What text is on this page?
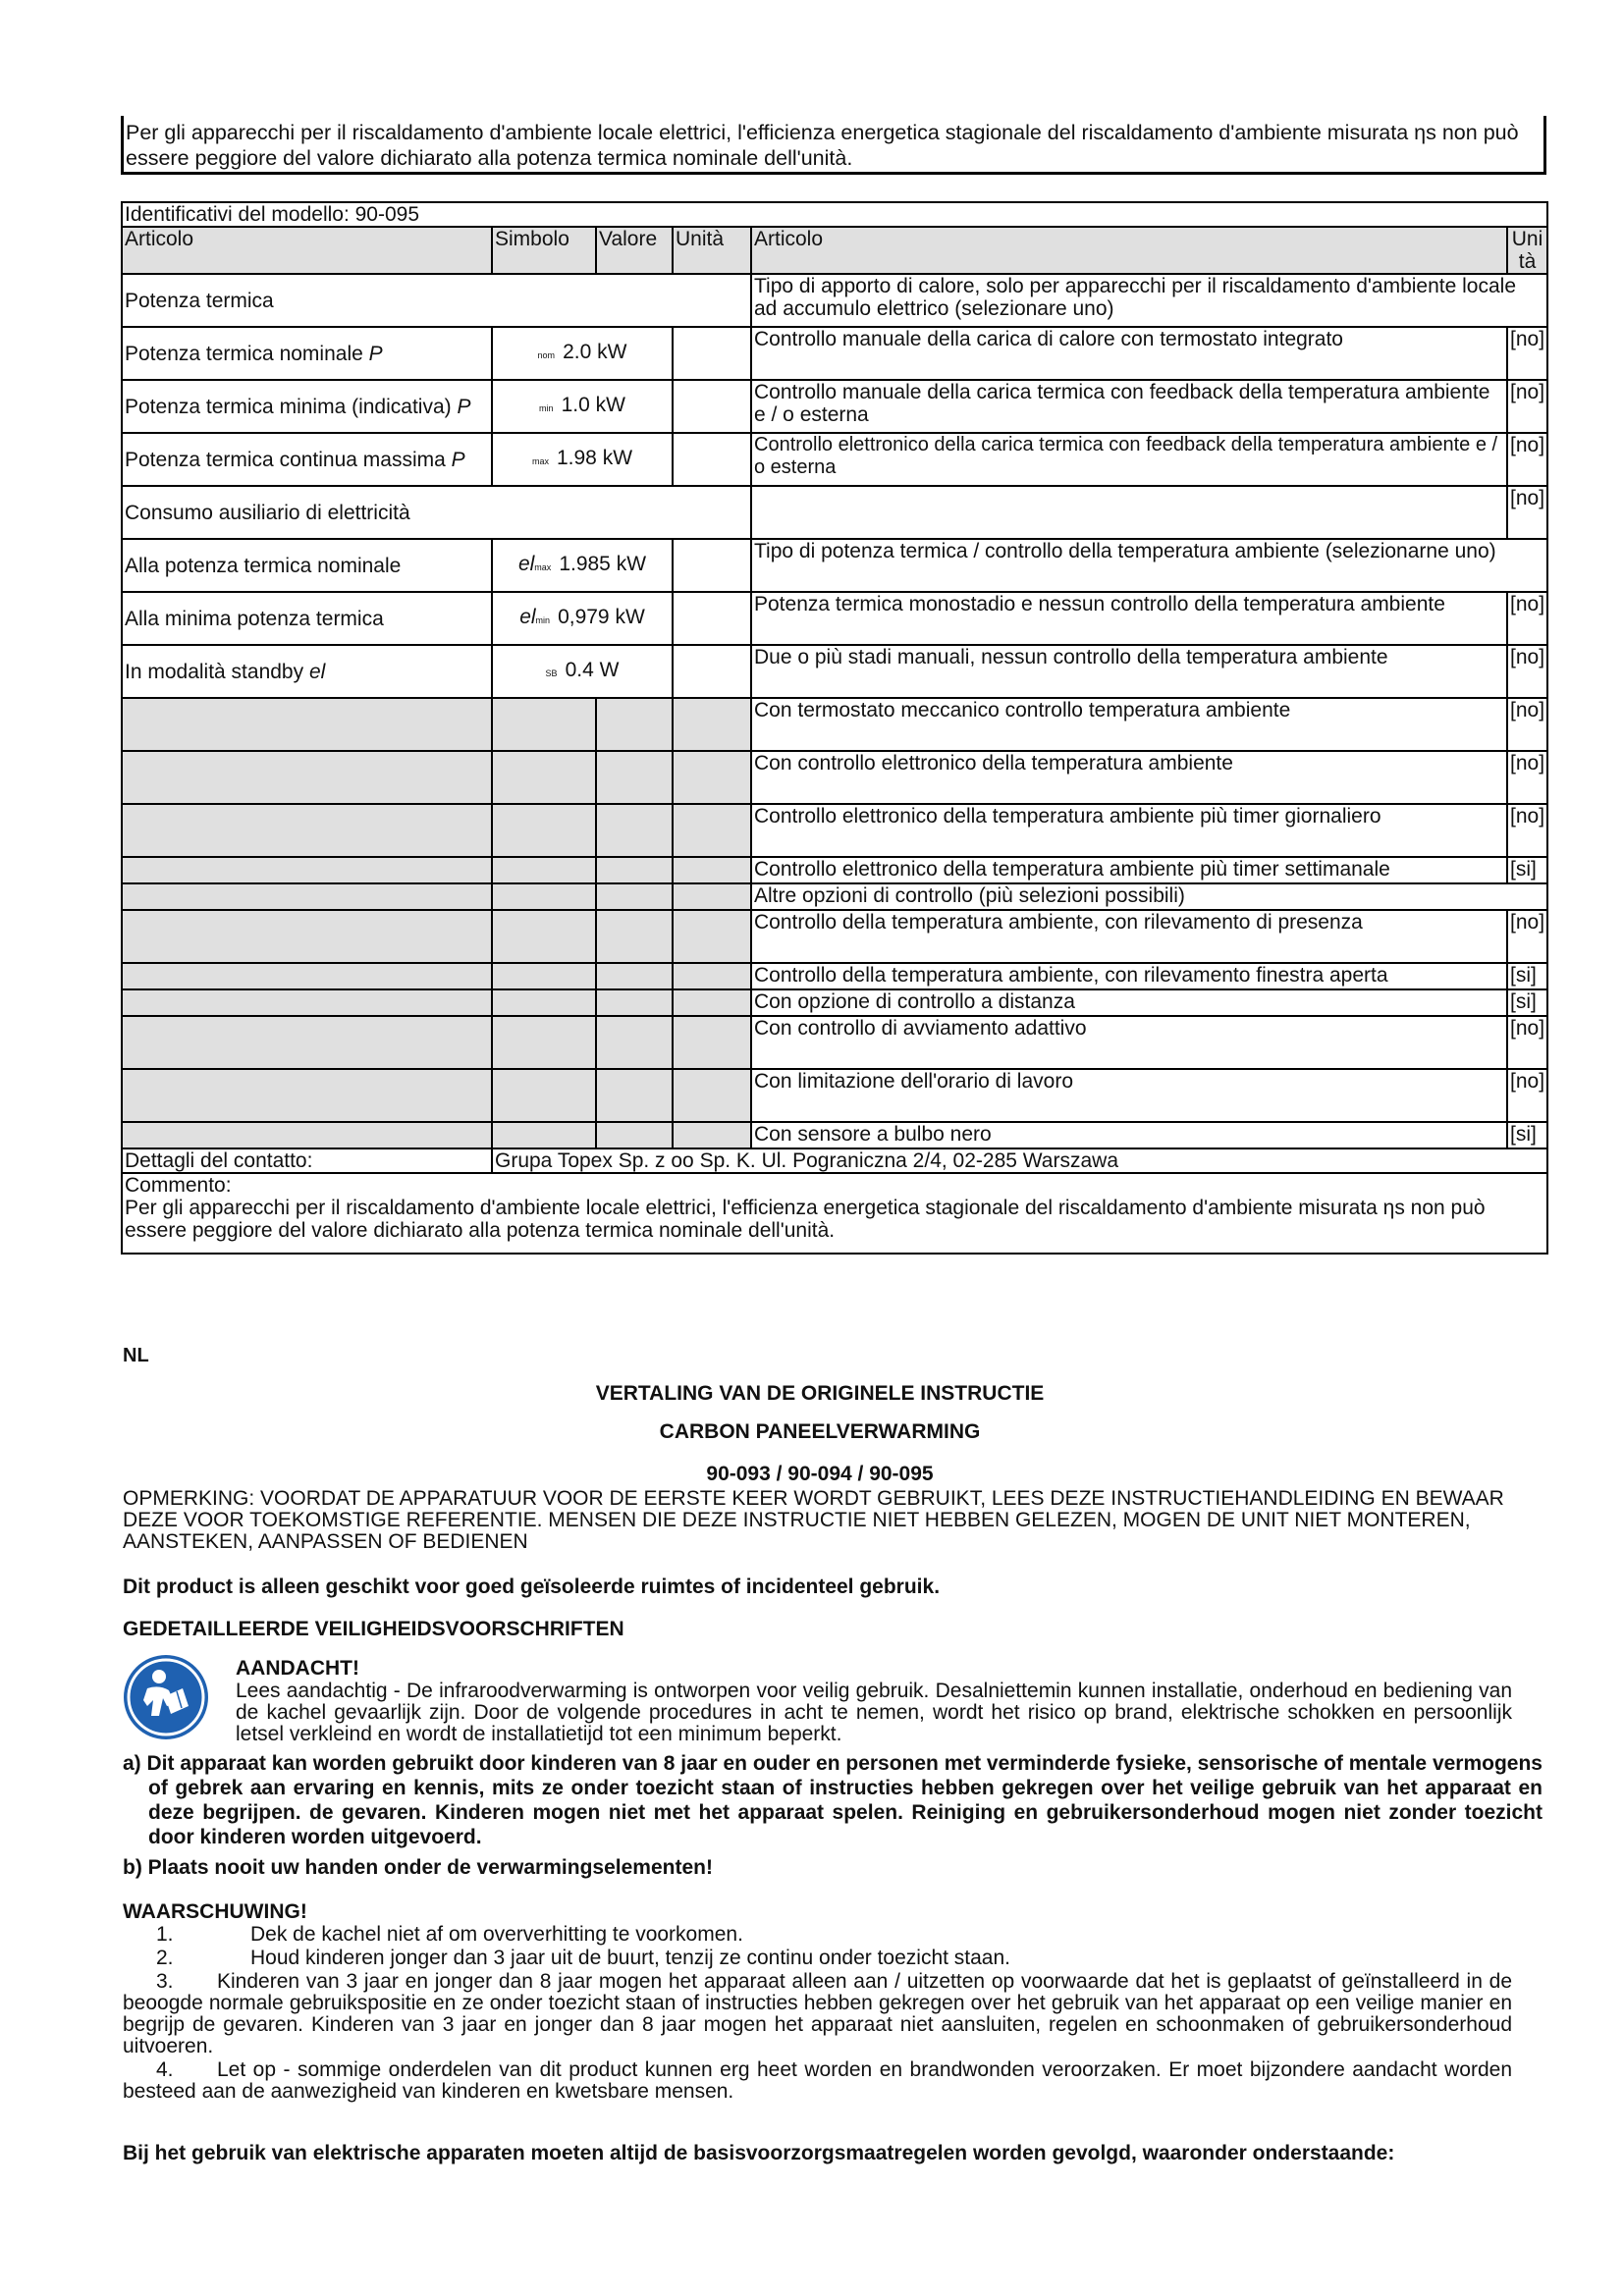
Per gli apparecchi per il riscaldamento d'ambiente locale elettrici, l'efficienza energetica stagionale del riscaldamento d'ambiente misurata ηs non può essere peggiore del valore dichiarato alla potenza termica nominale dell'unità.
Identificativi del modello: 90-095					
Articolo	Simbolo	Valore	Unità	Articolo	Unità
Potenza termica				Tipo di apporto di calore, solo per apparecchi per il riscaldamento d'ambiente locale ad accumulo elettrico (selezionare uno)	
Potenza termica nominale P	nom 2.0 kW			Controllo manuale della carica di calore con termostato integrato	[no]
Potenza termica minima (indicativa) P	min 1.0 kW			Controllo manuale della carica termica con feedback della temperatura ambiente e / o esterna	[no]
Potenza termica continua massima P	max 1.98 kW			Controllo elettronico della carica termica con feedback della temperatura ambiente e / o esterna	[no]
Consumo ausiliario di elettricità					[no]
Alla potenza termica nominale	elmax 1.985 kW			Tipo di potenza termica / controllo della temperatura ambiente (selezionarne uno)	
Alla minima potenza termica	elmin 0,979 kW			Potenza termica monostadio e nessun controllo della temperatura ambiente	[no]
In modalità standby el	SB 0.4 W			Due o più stadi manuali, nessun controllo della temperatura ambiente	[no]
				Con termostato meccanico controllo temperatura ambiente	[no]
				Con controllo elettronico della temperatura ambiente	[no]
				Controllo elettronico della temperatura ambiente più timer giornaliero	[no]
				Controllo elettronico della temperatura ambiente più timer settimanale	[si]
				Altre opzioni di controllo (più selezioni possibili)	
				Controllo della temperatura ambiente, con rilevamento di presenza	[no]
				Controllo della temperatura ambiente, con rilevamento finestra aperta	[si]
				Con opzione di controllo a distanza	[si]
				Con controllo di avviamento adattivo	[no]
				Con limitazione dell'orario di lavoro	[no]
				Con sensore a bulbo nero	[si]
Dettagli del contatto:	Grupa Topex Sp. z oo Sp. K. Ul. Pograniczna 2/4, 02-285 Warszawa				

Commento:
Per gli apparecchi per il riscaldamento d'ambiente locale elettrici, l'efficienza energetica stagionale del riscaldamento d'ambiente misurata ηs non può essere peggiore del valore dichiarato alla potenza termica nominale dell'unità.					
NL
VERTALING VAN DE ORIGINELE INSTRUCTIE
CARBON PANEELVERWARMING
90-093 / 90-094 / 90-095
OPMERKING: VOORDAT DE APPARATUUR VOOR DE EERSTE KEER WORDT GEBRUIKT, LEES DEZE INSTRUCTIEHANDLEIDING EN BEWAAR DEZE VOOR TOEKOMSTIGE REFERENTIE. MENSEN DIE DEZE INSTRUCTIE NIET HEBBEN GELEZEN, MOGEN DE UNIT NIET MONTEREN, AANSTEKEN, AANPASSEN OF BEDIENEN
Dit product is alleen geschikt voor goed geïsoleerde ruimtes of incidenteel gebruik.
GEDETAILLEERDE VEILIGHEIDSVOORSCHRIFTEN
AANDACHT!
Lees aandachtig - De infraroodverwarming is ontworpen voor veilig gebruik. Desalniettemin kunnen installatie, onderhoud en bediening van de kachel gevaarlijk zijn. Door de volgende procedures in acht te nemen, wordt het risico op brand, elektrische schokken en persoonlijk letsel verkleind en wordt de installatietijd tot een minimum beperkt.
a) Dit apparaat kan worden gebruikt door kinderen van 8 jaar en ouder en personen met verminderde fysieke, sensorische of mentale vermogens of gebrek aan ervaring en kennis, mits ze onder toezicht staan of instructies hebben gekregen over het veilige gebruik van het apparaat en deze begrijpen. de gevaren. Kinderen mogen niet met het apparaat spelen. Reiniging en gebruikersonderhoud mogen niet zonder toezicht door kinderen worden uitgevoerd.
b) Plaats nooit uw handen onder de verwarmingselementen!
WAARSCHUWING!
1.	Dek de kachel niet af om oververhitting te voorkomen.
2.	Houd kinderen jonger dan 3 jaar uit de buurt, tenzij ze continu onder toezicht staan.
3. Kinderen van 3 jaar en jonger dan 8 jaar mogen het apparaat alleen aan / uitzetten op voorwaarde dat het is geplaatst of geïnstalleerd in de beoogde normale gebruikspositie en ze onder toezicht staan of instructies hebben gekregen over het gebruik van het apparaat op een veilige manier en begrijp de gevaren. Kinderen van 3 jaar en jonger dan 8 jaar mogen het apparaat niet aansluiten, regelen en schoonmaken of gebruikersonderhoud uitvoeren.
4. Let op - sommige onderdelen van dit product kunnen erg heet worden en brandwonden veroorzaken. Er moet bijzondere aandacht worden besteed aan de aanwezigheid van kinderen en kwetsbare mensen.
Bij het gebruik van elektrische apparaten moeten altijd de basisvoorzorgsmaatregelen worden gevolgd, waaronder onderstaande:
